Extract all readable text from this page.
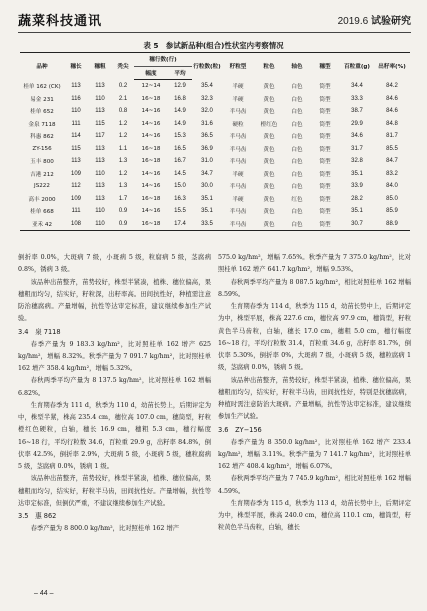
蔬菜科技通讯	2019.6 试验研究
表 5　参试新品种(组合)性状室内考察情况
品种	穗长	穗粗	秃尖	穗行数(行)		行粒数(粒)	籽粒型	粒色	轴色	穗型	百粒重(g)	出籽率(%)
				幅度	平均							
桂单 162 (CK)	113	113	0.2	12~14	12.9	35.4	半硬	黄色	白色	筒型	34.4	84.2
易金 231	116	110	2.1	16~18	16.8	32.3	半硬	黄色	白色	筒型	33.3	84.6
桂单 652	110	113	0.8	14~16	14.9	32.0	半马齿	黄色	白色	筒型	38.7	84.6
金泉 7118	111	115	1.2	14~16	14.9	31.6	硬粒	橙红色	白色	筒型	29.9	84.8
科惠 862	114	117	1.2	14~16	15.3	36.5	半马齿	黄色	白色	筒型	34.6	81.7
ZY-156	115	113	1.1	16~18	16.5	36.9	半马齿	黄色	白色	筒型	31.7	85.5
玉丰 800	113	113	1.3	16~18	16.7	31.0	半马齿	黄色	白色	筒型	32.8	84.7
吉港 212	109	110	1.2	14~16	14.5	34.7	半硬	黄色	白色	筒型	35.1	83.2
JS222	112	113	1.3	14~16	15.0	30.0	半马齿	黄色	白色	筒型	33.9	84.0
高丰 2000	109	113	1.7	16~18	16.3	35.1	半硬	黄色	红色	筒型	28.2	85.0
桂单 668	111	110	0.9	14~16	15.5	35.1	半马齿	黄色	白色	筒型	35.1	85.9
亚禾 42	108	110	0.9	16~18	17.4	33.5	半马齿	黄色	白色	筒型	30.7	88.9

倒折率 0.0%，大斑病 7 级，小斑病 5 级，粒腐病 5 级，茎腐病 0.8%，锈病 3 级。

该品种出苗整齐，苗势较好，株型半紧凑，植株、穗位偏高，果穗粗而均匀，结实好，籽粒深，出籽率高。田间抗性好，种植需注意防治穗腐病。产量增幅，抗性等达审定标准，建议继续参加生产试验。

3.4　泉 7118

春季产量为 9 183.3 kg/hm²，比对照桂单 162 增产 625 kg/hm²，增幅 8.32%。秋季产量为 7 091.7 kg/hm²，比对照桂单 162 增产 358.4 kg/hm²，增幅 5.32%。

春秋两季平均产量为 8 137.5 kg/hm²，比对照桂单 162 增幅 6.82%。

生育期春季为 111 d，秋季为 110 d，幼苗长势上，后期评定为中，株型半紧，株高 235.4 cm，穗位高 107.0 cm，穗筒型，籽粒橙红色硬粒，白轴，穗长 16.9 cm，穗粗 5.3 cm，穗行幅度 16~18 行，平均行粒数 34.6，百粒重 29.9 g，出籽率 84.8%，倒伏率 42.5%，倒折率 2.9%，大斑病 5 级，小斑病 5 级，穗粒腐病 5 级，茎腐病 0.0%，锈病 1 级。

该品种出苗整齐，苗势较好，株型半紧凑，植株、穗位偏高，果穗粗而均匀，结实好，籽粒半马齿，田间抗性好。产量增幅，抗性等达审定标准，但倒伏严重，不建议继续参加生产试验。

3.5　惠 862

春季产量为 8 800.0 kg/hm²，比对照桂单 162 增产

575.0 kg/hm²，增幅 7.65%。秋季产量为 7 375.0 kg/hm²，比对照桂单 162 增产 641.7 kg/hm²，增幅 9.53%。

春秋两季平均产量为 8 087.5 kg/hm²，相比对照桂单 162 增幅 8.59%。

生育期春季为 114 d，秋季为 115 d，幼苗长势中上，后期评定为中，株型平展，株高 227.6 cm，穗位高 97.9 cm，穗筒型，籽粒黄色半马齿粒，白轴，穗长 17.0 cm，穗粗 5.0 cm，穗行幅度 16~18 行，平均行粒数 31.4，百粒重 34.6 g，出籽率 81.7%，倒伏率 5.30%，倒折率 0%，大斑病 7 级，小斑病 5 级，穗粒腐病 1 级，茎腐病 0.0%，锈病 5 级。

该品种出苗整齐，苗势较好，株型半紧凑，植株、穗位偏高，果穗粗而均匀，结实好，籽粒半马齿，田间抗性好，特别是抗穗腐病，种植时需注意防治大斑病。产量增幅，抗性等达审定标准，建议继续参加生产试验。

3.6　ZY−156

春季产量为 8 350.0 kg/hm²，比对照桂单 162 增产 233.4 kg/hm²，增幅 3.11%。秋季产量为 7 141.7 kg/hm²，比对照桂单 162 增产 408.4 kg/hm²，增幅 6.07%。

春秋两季平均产量为 7 745.9 kg/hm²，相比对照桂单 162 增幅 4.59%。

生育期春季为 115 d，秋季为 113 d，幼苗长势中上，后期评定为中，株型平展，株高 240.0 cm，穗位高 110.1 cm，穗筒型，籽粒黄色半马齿粒，白轴，穗长

– 44 –
